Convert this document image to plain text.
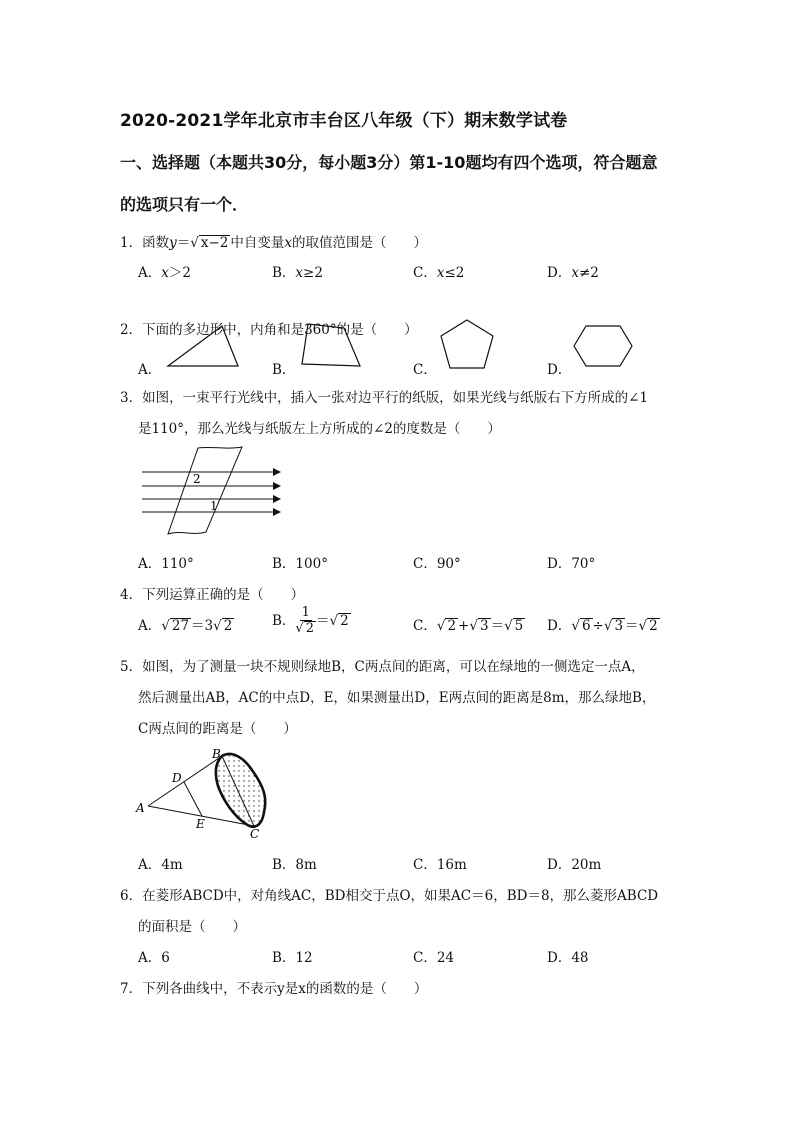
2020-2021学年北京市丰台区八年级（下）期末数学试卷
一、选择题（本题共30分，每小题3分）第1-10题均有四个选项，符合题意
的选项只有一个．
1．函数y＝√ x−2 中自变量x的取值范围是（　　）
A．x＞2	B．x≥2	C．x≤2	D．x≠2
2．下面的多边形中，内角和是360°的是（　　）
A．	B．	C．	D．
3．如图，一束平行光线中，插入一张对边平行的纸版，如果光线与纸版右下方所成的∠1
是110°，那么光线与纸版左上方所成的∠2的度数是（　　）
2
1
A．110°	B．100°	C．90°	D．70°
4．下列运算正确的是（　　）
A．√ 27 ＝3√ 2	B． $\frac{1}{√ 2}$ ＝√ 2	C．√ 2 +√ 3 ＝√ 5 D．√ 6 ÷√ 3 ＝√ 2
5．如图，为了测量一块不规则绿地B，C两点间的距离，可以在绿地的一侧选定一点A，
然后测量出AB，AC的中点D，E，如果测量出D，E两点间的距离是8m，那么绿地B，
C两点间的距离是（　　）
A
B
C
D
E
A．4m	B．8m	C．16m	D．20m
6．在菱形ABCD中，对角线AC，BD相交于点O，如果AC＝6，BD＝8，那么菱形ABCD
的面积是（　　）
A．6	B．12	C．24	D．48
7．下列各曲线中，不表示y是x的函数的是（　　）
